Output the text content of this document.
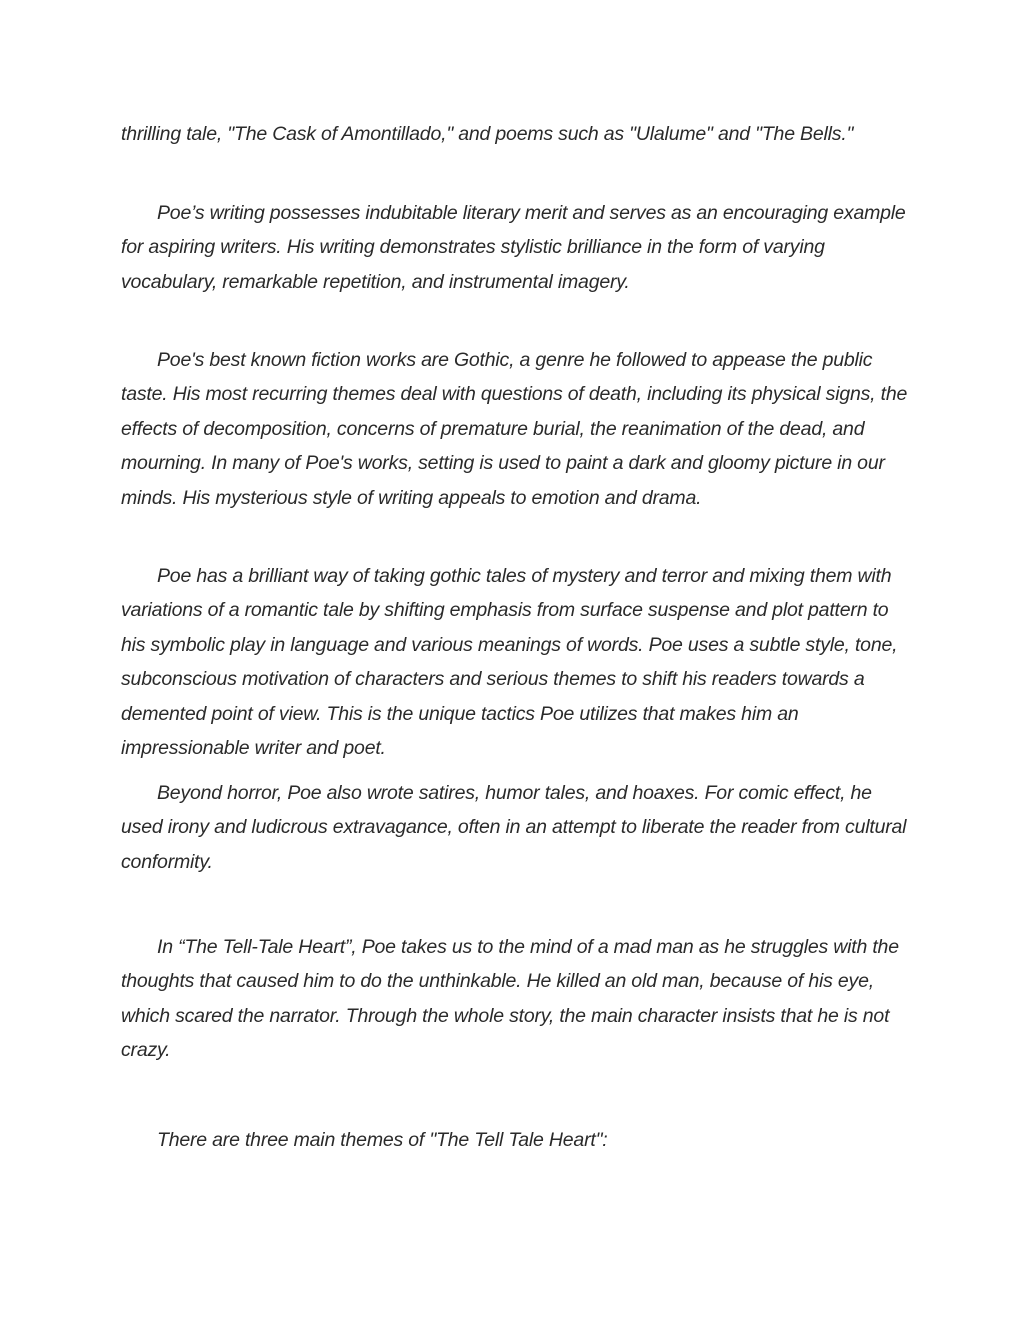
thrilling tale, "The Cask of Amontillado," and poems such as "Ulalume" and "The Bells."

Poe’s writing possesses indubitable literary merit and serves as an encouraging example for aspiring writers. His writing demonstrates stylistic brilliance in the form of varying vocabulary, remarkable repetition, and instrumental imagery.

Poe's best known fiction works are Gothic, a genre he followed to appease the public taste. His most recurring themes deal with questions of death, including its physical signs, the effects of decomposition, concerns of premature burial, the reanimation of the dead, and mourning. In many of Poe's works, setting is used to paint a dark and gloomy picture in our minds. His mysterious style of writing appeals to emotion and drama.

Poe has a brilliant way of taking gothic tales of mystery and terror and mixing them with variations of a romantic tale by shifting emphasis from surface suspense and plot pattern to his symbolic play in language and various meanings of words. Poe uses a subtle style, tone, subconscious motivation of characters and serious themes to shift his readers towards a demented point of view. This is the unique tactics Poe utilizes that makes him an impressionable writer and poet.

Beyond horror, Poe also wrote satires, humor tales, and hoaxes. For comic effect, he used irony and ludicrous extravagance, often in an attempt to liberate the reader from cultural conformity.

In “The Tell-Tale Heart”, Poe takes us to the mind of a mad man as he struggles with the thoughts that caused him to do the unthinkable. He killed an old man, because of his eye, which scared the narrator. Through the whole story, the main character insists that he is not crazy.

There are three main themes of "The Tell Tale Heart":
